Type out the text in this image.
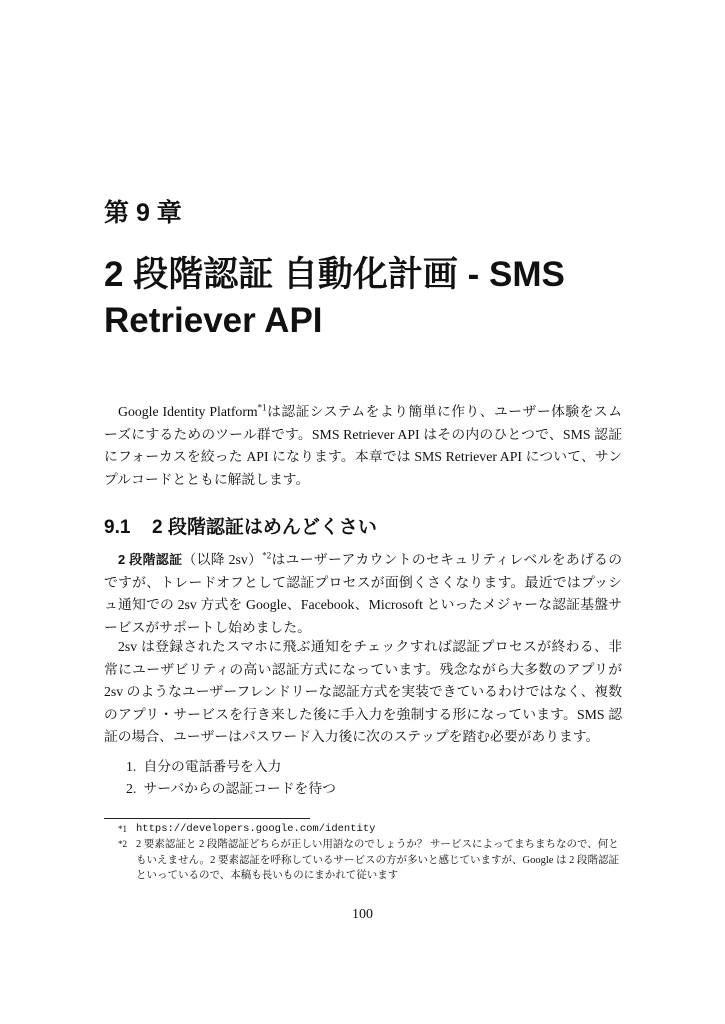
第 9 章
2 段階認証 自動化計画 - SMS Retriever API

Google Identity Platform$^{*1}$は認証システムをより簡単に作り、ユーザー体験をスムーズにするためのツール群です。SMS Retriever API はその内のひとつで、SMS 認証にフォーカスを絞った API になります。本章では SMS Retriever API について、サンプルコードとともに解説します。

9.1 2 段階認証はめんどくさい

2 段階認証（以降 2sv）$^{*2}$はユーザーアカウントのセキュリティレベルをあげるのですが、トレードオフとして認証プロセスが面倒くさくなります。最近ではプッシュ通知での 2sv 方式を Google、Facebook、Microsoft といったメジャーな認証基盤サービスがサポートし始めました。

2sv は登録されたスマホに飛ぶ通知をチェックすれば認証プロセスが終わる、非常にユーザビリティの高い認証方式になっています。残念ながら大多数のアプリが 2sv のようなユーザーフレンドリーな認証方式を実装できているわけではなく、複数のアプリ・サービスを行き来した後に手入力を強制する形になっています。SMS 認証の場合、ユーザーはパスワード入力後に次のステップを踏む必要があります。

1. 自分の電話番号を入力
2. サーバからの認証コードを待つ
*1 https://developers.google.com/identity
*2 2 要素認証と 2 段階認証どちらが正しい用語なのでしょうか？ サービスによってまちまちなので、何ともいえません。2 要素認証を呼称しているサービスの方が多いと感じていますが、Google は 2 段階認証といっているので、本稿も長いものにまかれて従います
100
